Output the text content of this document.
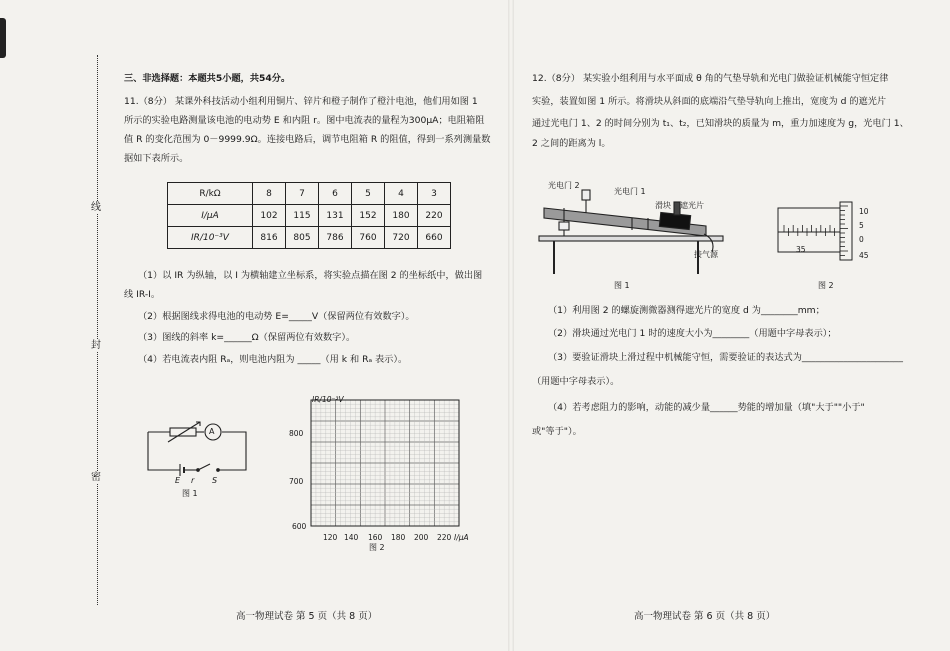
线
封
密
三、非选择题：本题共5小题，共54分。
11.（8分） 某课外科技活动小组利用铜片、锌片和橙子制作了橙汁电池，他们用如图 1
所示的实验电路测量该电池的电动势 E 和内阻 r。图中电流表的量程为300μA；电阻箱阻
值 R 的变化范围为 0－9999.9Ω。连接电路后，调节电阻箱 R 的阻值，得到一系列测量数
据如下表所示。
R/kΩ	8	7	6	5	4	3
I/μA	102	115	131	152	180	220
IR/10⁻³V	816	805	786	760	720	660
（1）以 IR 为纵轴，以 I 为横轴建立坐标系，将实验点描在图 2 的坐标纸中，做出图
线 IR-I。
（2）根据图线求得电池的电动势 E=_____V（保留两位有效数字）。
（3）图线的斜率 k=______Ω（保留两位有效数字）。
（4）若电流表内阻 Rₐ，则电池内阻为 _____（用 k 和 Rₐ 表示）。
A
E r S
图 1
IR/10⁻³V
800
700
600
120 140 160 180 200 220 I/μA
图 2
高一物理试卷 第 5 页（共 8 页）
12.（8分） 某实验小组利用与水平面成 θ 角的气垫导轨和光电门做验证机械能守恒定律
实验，装置如图 1 所示。将滑块从斜面的底端沿气垫导轨向上推出，宽度为 d 的遮光片
通过光电门 1、2 的时间分别为 t₁、t₂，已知滑块的质量为 m，重力加速度为 g，光电门 1、
2 之间的距离为 l。
光电门 2
光电门 1
滑块 遮光片
接气源
图 1
10
5
0
45
35
图 2
（1）利用图 2 的螺旋测微器测得遮光片的宽度 d 为________mm；
（2）滑块通过光电门 1 时的速度大小为________（用题中字母表示）；
（3）要验证滑块上滑过程中机械能守恒，需要验证的表达式为______________________
（用题中字母表示）。
（4）若考虑阻力的影响，动能的减少量______势能的增加量（填"大于""小于"
或"等于"）。
高一物理试卷 第 6 页（共 8 页）
